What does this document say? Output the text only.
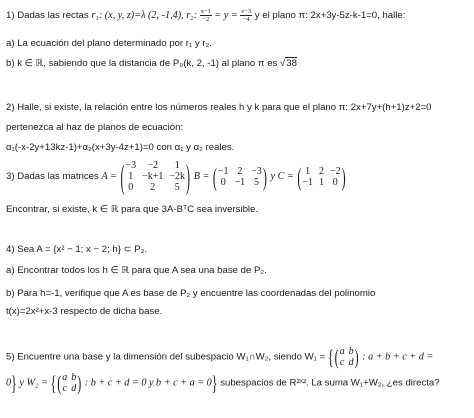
1) Dadas las rectas r₁: (x, y, z)=λ (2, -1,4), r₂: $\frac{x-1}{-2} = y = \frac{z-3}{-4}$ y el plano π: 2x+3y-5z-k-1=0, halle:
a) La ecuación del plano determinado por r₁ y r₂.
b) k ∈ ℝ, sabiendo que la distancia de P₀(k, 2, -1) al plano π es √38
2) Halle, si existe, la relación entre los números reales h y k para que el plano π: 2x+7y+(h+1)z+2=0
pertenezca al haz de planos de ecuación:
α₁(-x-2y+13kz-1)+α₂(x+3y-4z+1)=0 con α₁ y α₂ reales.
3) Dadas las matrices A = ( −3	−2	1
1 −k+1 −2k
0	2	5 ) B = ( −1 2 −3
0 −1 5 ) y C = ( 1 2 −2
−1 1 0 )
Encontrar, si existe, k ∈ ℝ para que 3A-BᵀC sea inversible.
4) Sea A = {x² − 1; x − 2; h} ⊂ P₂.
a) Encontrar todos los h ∈ ℝ para que A sea una base de P₂.
b) Para h=-1, verifique que A es base de P₂ y encuentre las coordenadas del polinomio
t(x)=2x²+x-3 respecto de dicha base.
5) Encuentre una base y la dimensión del subespacio W₁∩W₂, siendo W₁ = {( a b
c d ) : a + b + c + d =
0} y W₂ = {( a b
c d ) : b + c + d = 0 y b + c + a = 0} subespacios de R²ˣ². La suma W₁+W₂, ¿es directa?
